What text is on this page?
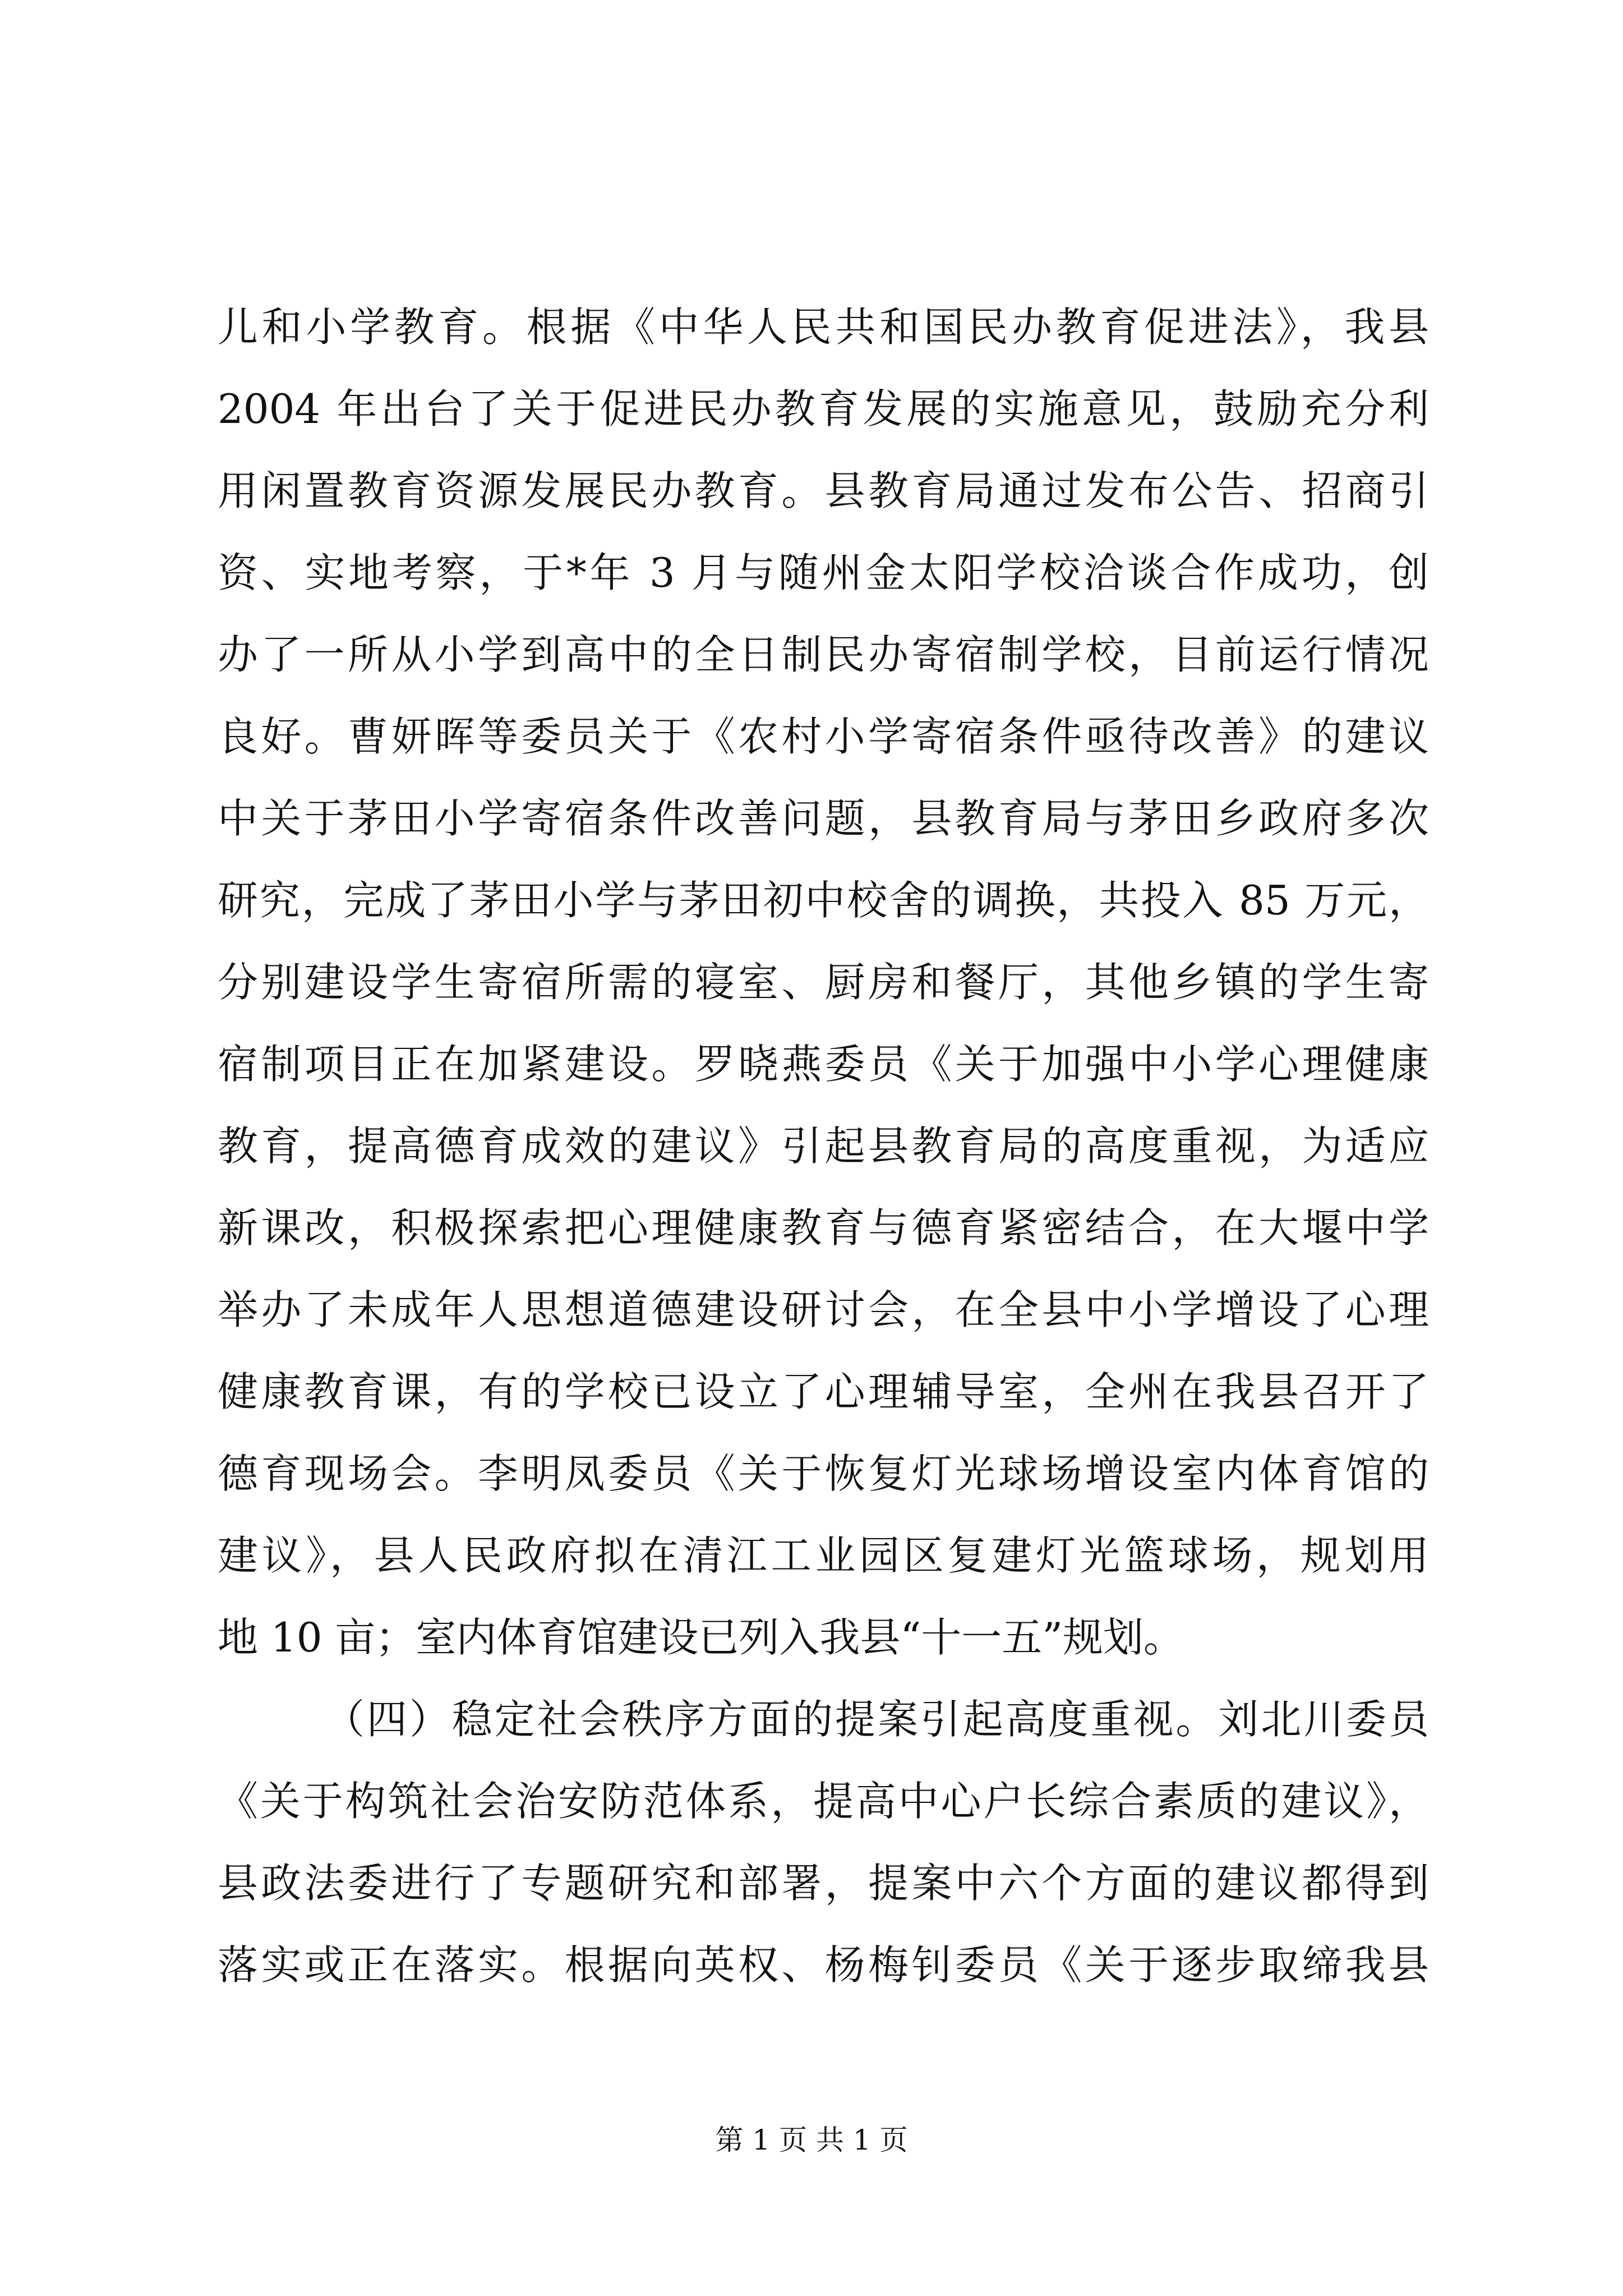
儿和小学教育。根据《中华人民共和国民办教育促进法》，我县
2004 年出台了关于促进民办教育发展的实施意见，鼓励充分利
用闲置教育资源发展民办教育。县教育局通过发布公告、招商引
资、实地考察，于*年 3 月与随州金太阳学校洽谈合作成功，创
办了一所从小学到高中的全日制民办寄宿制学校，目前运行情况
良好。曹妍晖等委员关于《农村小学寄宿条件亟待改善》的建议
中关于茅田小学寄宿条件改善问题，县教育局与茅田乡政府多次
研究，完成了茅田小学与茅田初中校舍的调换，共投入 85 万元，
分别建设学生寄宿所需的寝室、厨房和餐厅，其他乡镇的学生寄
宿制项目正在加紧建设。罗晓燕委员《关于加强中小学心理健康
教育，提高德育成效的建议》引起县教育局的高度重视，为适应
新课改，积极探索把心理健康教育与德育紧密结合，在大堰中学
举办了未成年人思想道德建设研讨会，在全县中小学增设了心理
健康教育课，有的学校已设立了心理辅导室，全州在我县召开了
德育现场会。李明凤委员《关于恢复灯光球场增设室内体育馆的
建议》，县人民政府拟在清江工业园区复建灯光篮球场，规划用
地 10 亩；室内体育馆建设已列入我县“十一五”规划。
（四）稳定社会秩序方面的提案引起高度重视。刘北川委员
《关于构筑社会治安防范体系，提高中心户长综合素质的建议》，
县政法委进行了专题研究和部署，提案中六个方面的建议都得到
落实或正在落实。根据向英权、杨梅钊委员《关于逐步取缔我县
第 1 页 共 1 页
